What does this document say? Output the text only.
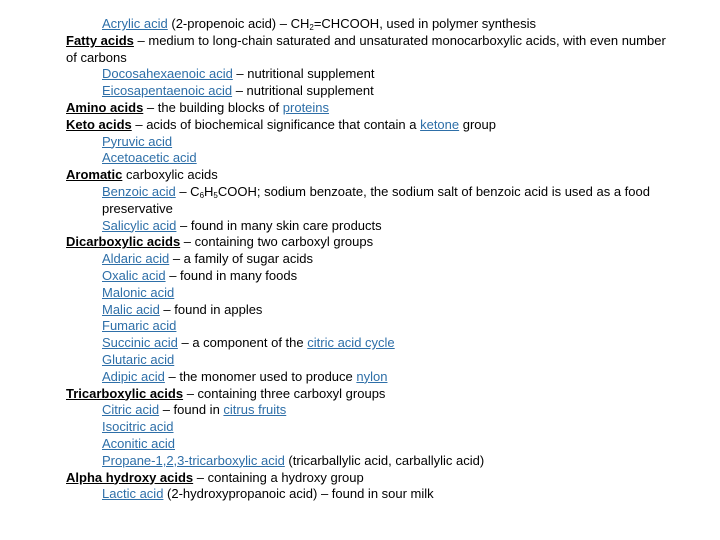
Acrylic acid (2-propenoic acid) – $CH_2=CHCOOH$, used in polymer synthesis
Fatty acids – medium to long-chain saturated and unsaturated monocarboxylic acids, with even number of carbons
Docosahexaenoic acid – nutritional supplement
Eicosapentaenoic acid – nutritional supplement
Amino acids – the building blocks of proteins
Keto acids – acids of biochemical significance that contain a ketone group
Pyruvic acid
Acetoacetic acid
Aromatic carboxylic acids
Benzoic acid – $C_6H_5COOH$; sodium benzoate, the sodium salt of benzoic acid is used as a food preservative
Salicylic acid – found in many skin care products
Dicarboxylic acids – containing two carboxyl groups
Aldaric acid – a family of sugar acids
Oxalic acid – found in many foods
Malonic acid
Malic acid – found in apples
Fumaric acid
Succinic acid – a component of the citric acid cycle
Glutaric acid
Adipic acid – the monomer used to produce nylon
Tricarboxylic acids – containing three carboxyl groups
Citric acid – found in citrus fruits
Isocitric acid
Aconitic acid
Propane-1,2,3-tricarboxylic acid (tricarballylic acid, carballylic acid)
Alpha hydroxy acids – containing a hydroxy group
Lactic acid (2-hydroxypropanoic acid) – found in sour milk
